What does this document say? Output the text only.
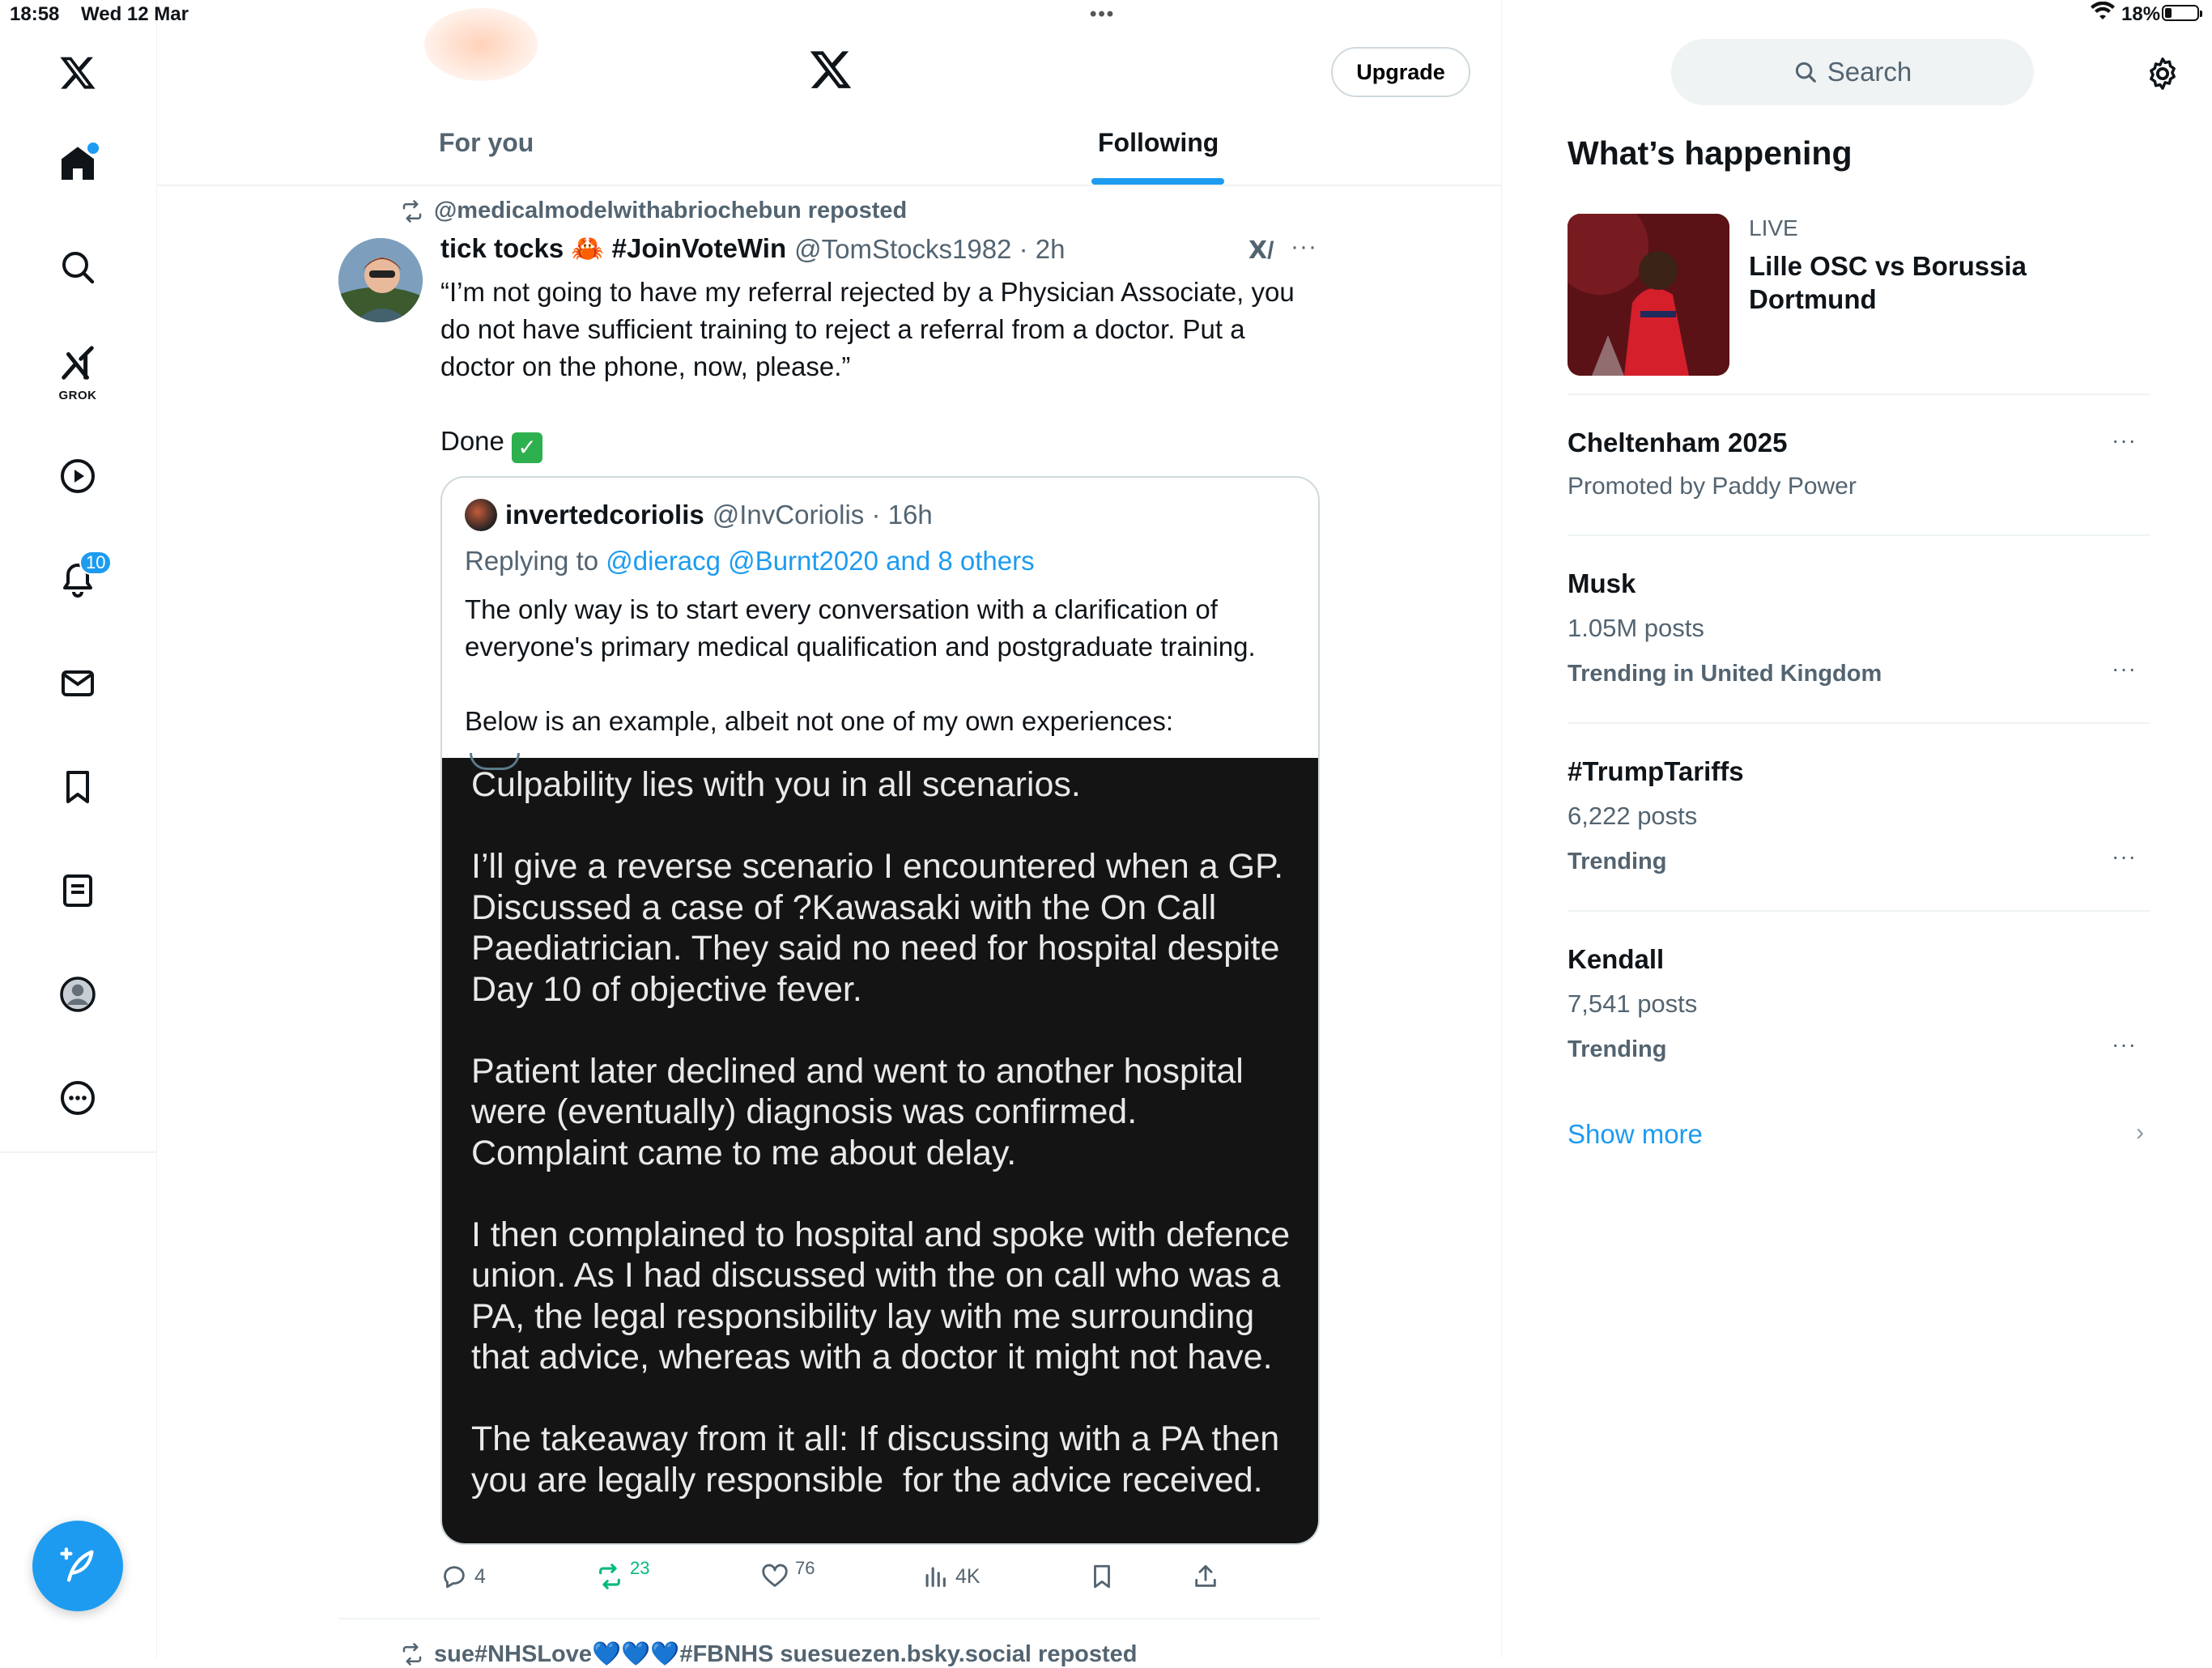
18:58 Wed 12 Mar	•••	18%
GROK
10
Upgrade
For you	Following
@medicalmodelwithabriochebun reposted
tick tocks 🦀 #JoinVoteWin @TomStocks1982 · 2h	𝗫/ ···
“I’m not going to have my referral rejected by a Physician Associate, you do not have sufficient training to reject a referral from a doctor. Put a doctor on the phone, now, please.”

Done ✓
invertedcoriolis @InvCoriolis · 16h
Replying to @dieracg @Burnt2020 and 8 others
The only way is to start every conversation with a clarification of everyone's primary medical qualification and postgraduate training.

Below is an example, albeit not one of my own experiences:
Culpability lies with you in all scenarios.

I’ll give a reverse scenario I encountered when a GP. Discussed a case of ?Kawasaki with the On Call Paediatrician. They said no need for hospital despite Day 10 of objective fever.

Patient later declined and went to another hospital were (eventually) diagnosis was confirmed. Complaint came to me about delay.

I then complained to hospital and spoke with defence union. As I had discussed with the on call who was a PA, the legal responsibility lay with me surrounding that advice, whereas with a doctor it might not have.

The takeaway from it all: If discussing with a PA then you are legally responsible  for the advice received.
4	23	76	4K
sue#NHSLove💙💙💙#FBNHS suesuezen.bsky.social reposted
Search
What’s happening
LIVE
Lille OSC vs Borussia Dortmund
Cheltenham 2025
Promoted by Paddy Power
···
Musk
1.05M posts
Trending in United Kingdom	···
#TrumpTariffs
6,222 posts
Trending	···
Kendall
7,541 posts
Trending	···
Show more	›
